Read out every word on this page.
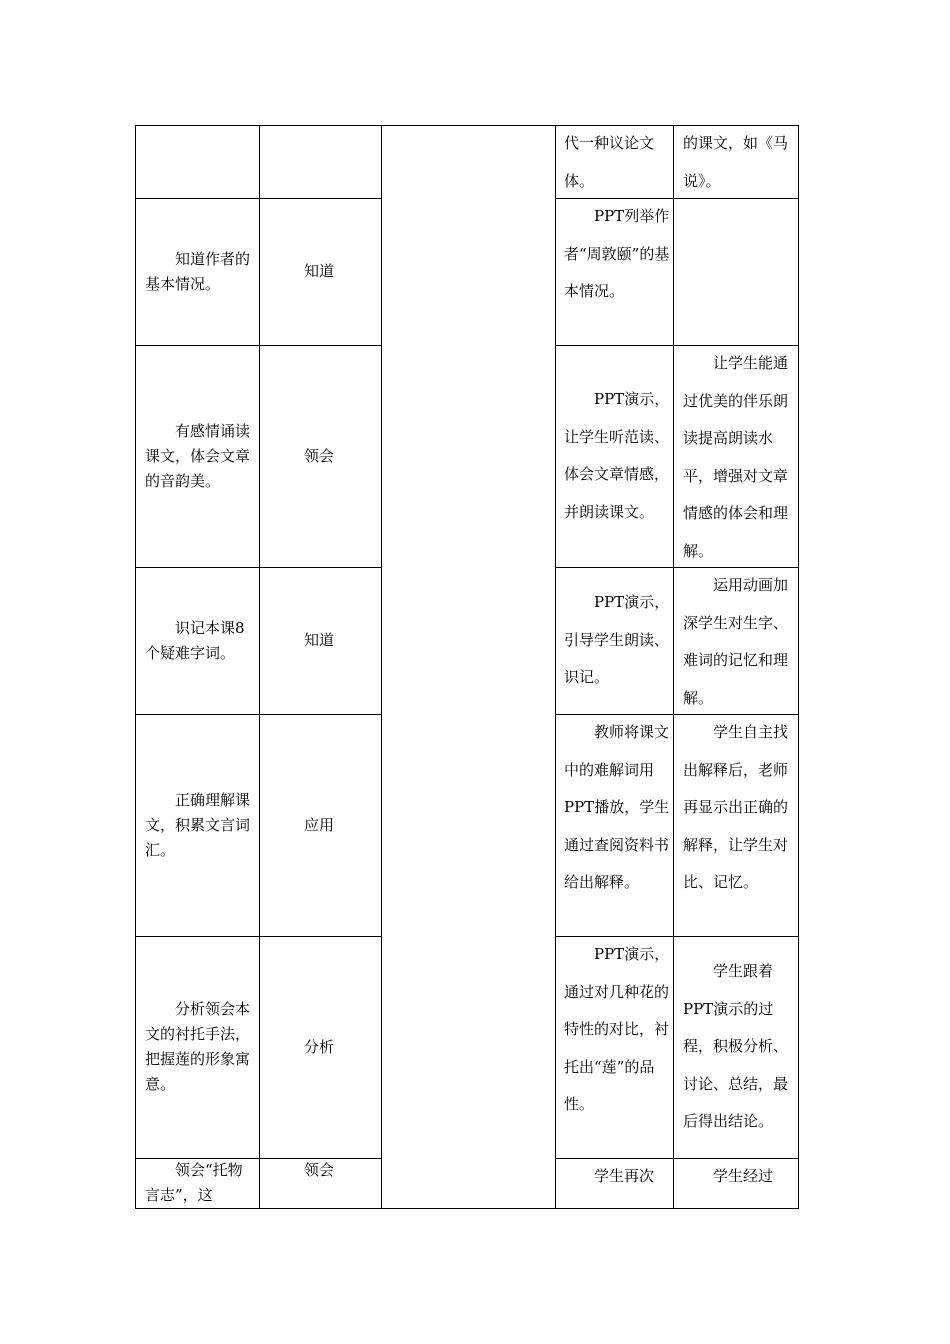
代一种议论文体。
的课文，如《马说》。
知道作者的基本情况。
知道
PPT列举作者“周敦颐”的基本情况。
有感情诵读课文，体会文章的音韵美。
领会
PPT演示，让学生听范读、体会文章情感，并朗读课文。
让学生能通过优美的伴乐朗读提高朗读水平，增强对文章情感的体会和理解。
识记本课8个疑难字词。
知道
PPT演示，引导学生朗读、识记。
运用动画加深学生对生字、难词的记忆和理解。
正确理解课文，积累文言词汇。
应用
教师将课文中的难解词用PPT播放，学生通过查阅资料书给出解释。
学生自主找出解释后，老师再显示出正确的解释，让学生对比、记忆。
分析领会本文的衬托手法，把握莲的形象寓意。
分析
PPT演示，通过对几种花的特性的对比，衬托出“莲”的品性。
学生跟着PPT演示的过程，积极分析、讨论、总结，最后得出结论。
领会“托物言志”，这
领会	学生再次	学生经过
